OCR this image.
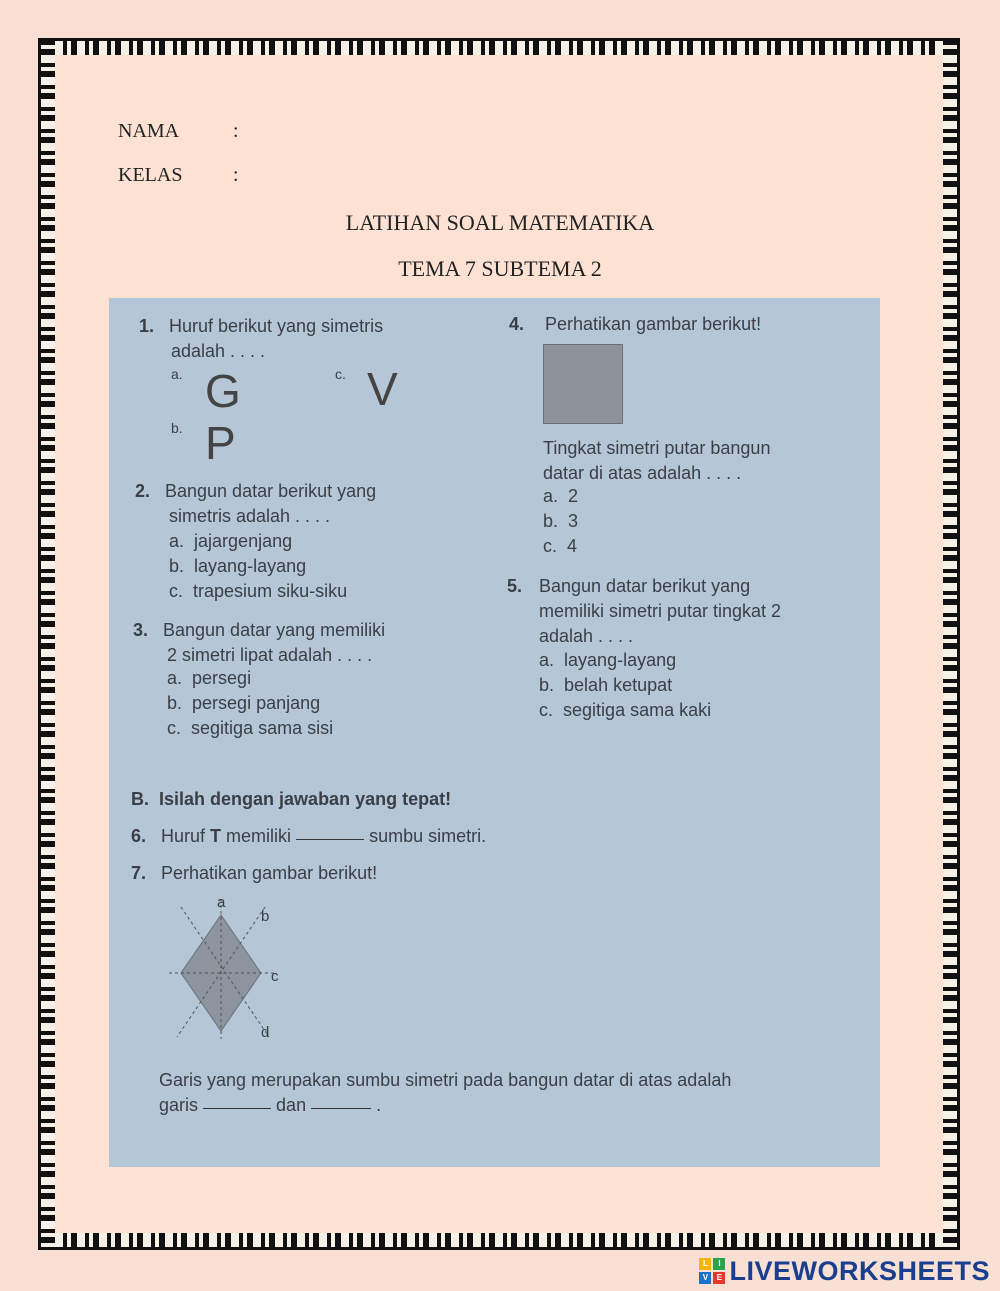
NAMA	:
KELAS	:
LATIHAN SOAL MATEMATIKA
TEMA 7 SUBTEMA 2
1. Huruf berikut yang simetris
adalah . . . .
a. G
b. P
c. V
2. Bangun datar berikut yang
simetris adalah . . . .
a. jajargenjang
b. layang-layang
c. trapesium siku-siku
3. Bangun datar yang memiliki
2 simetri lipat adalah . . . .
a. persegi
b. persegi panjang
c. segitiga sama sisi
4. Perhatikan gambar berikut!
Tingkat simetri putar bangun
datar di atas adalah . . . .
a. 2
b. 3
c. 4
5. Bangun datar berikut yang
memiliki simetri putar tingkat 2
adalah . . . .
a. layang-layang
b. belah ketupat
c. segitiga sama kaki
B. Isilah dengan jawaban yang tepat!
6. Huruf T memiliki	sumbu simetri.
7. Perhatikan gambar berikut!
a
b
c
d
Garis yang merupakan sumbu simetri pada bangun datar di atas adalah
garis	dan	.
L	I
V	E LIVEWORKSHEETS
